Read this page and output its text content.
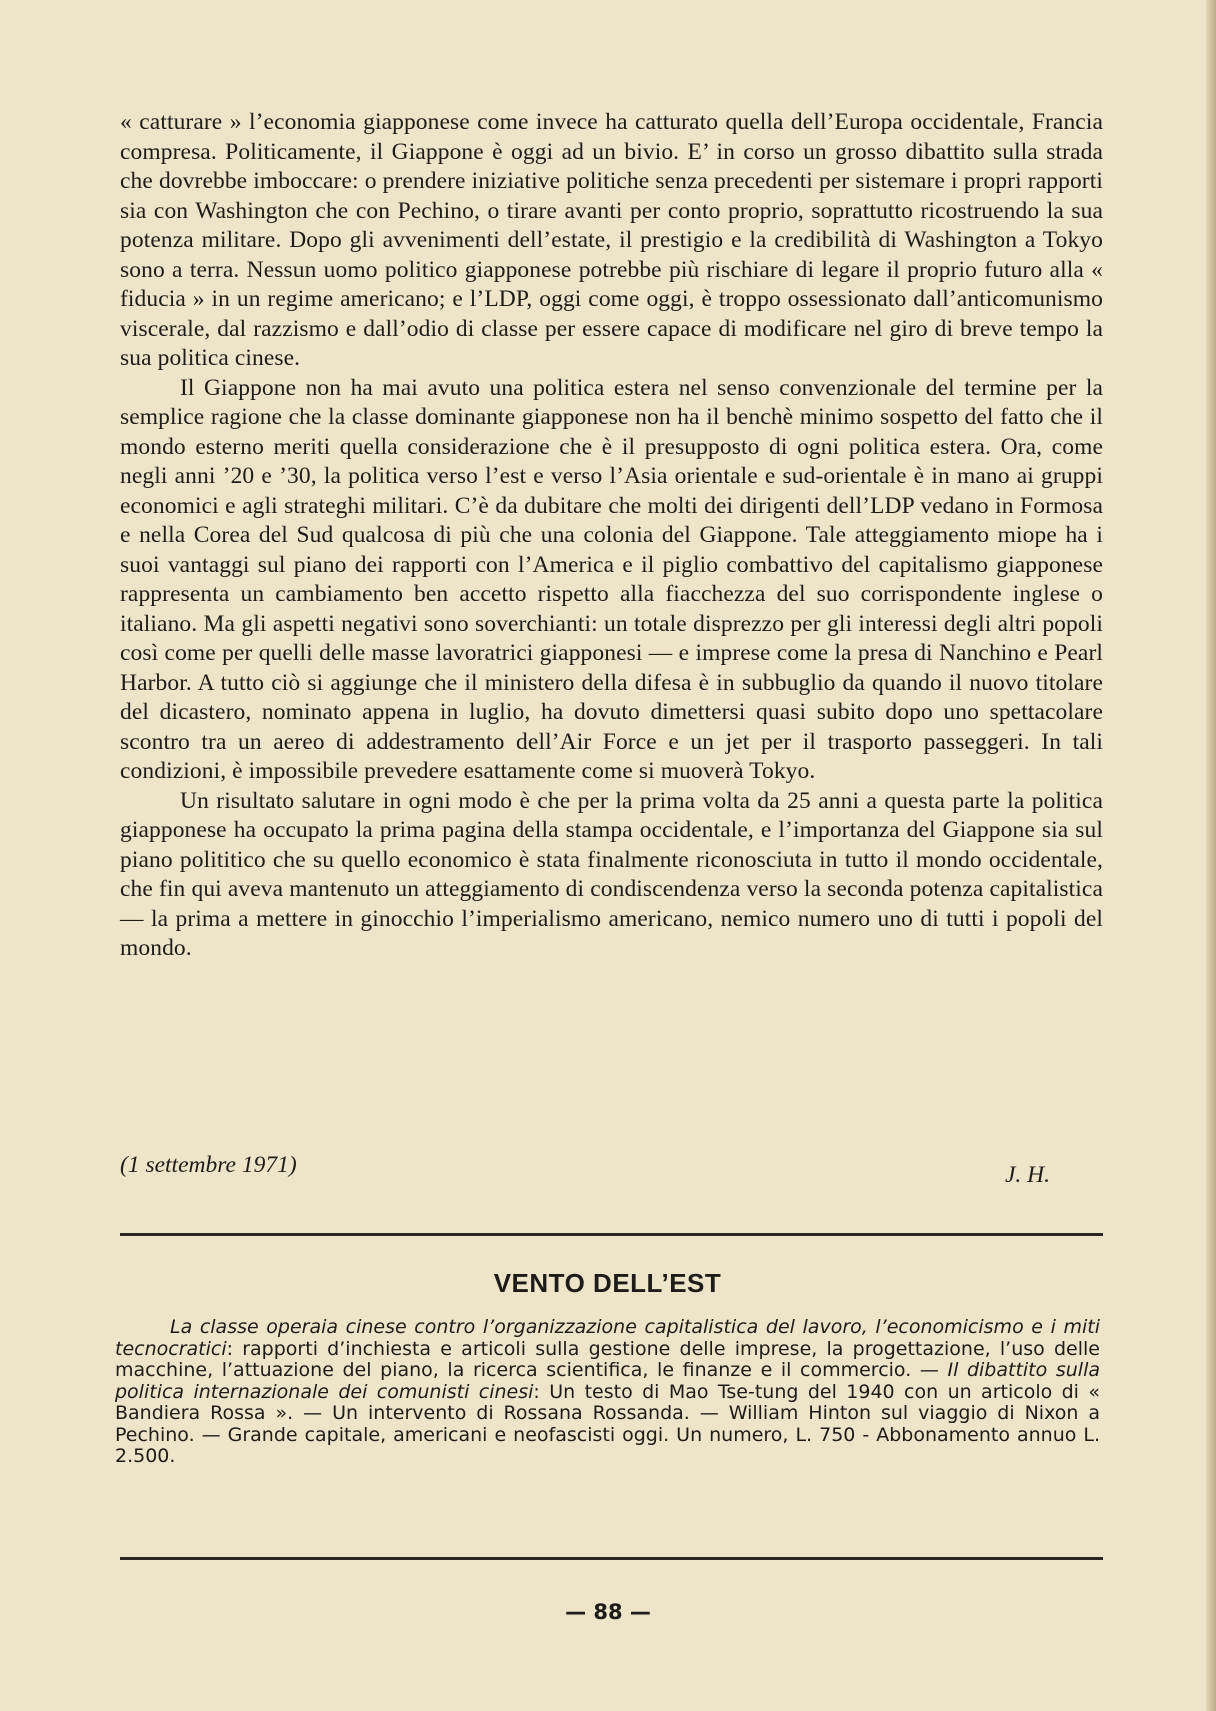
« catturare » l’economia giapponese come invece ha catturato quella dell’Europa occidentale, Francia compresa. Politicamente, il Giappone è oggi ad un bivio. E’ in corso un grosso dibattito sulla strada che dovrebbe imboccare: o prendere iniziative politiche senza precedenti per sistemare i propri rapporti sia con Washington che con Pechino, o tirare avanti per conto proprio, soprattutto ricostruendo la sua potenza militare. Dopo gli avvenimenti dell’estate, il prestigio e la credibilità di Washington a Tokyo sono a terra. Nessun uomo politico giapponese potrebbe più rischiare di legare il proprio futuro alla « fiducia » in un regime americano; e l’LDP, oggi come oggi, è troppo ossessionato dall’anticomunismo viscerale, dal razzismo e dall’odio di classe per essere capace di modificare nel giro di breve tempo la sua politica cinese.

Il Giappone non ha mai avuto una politica estera nel senso convenzionale del termine per la semplice ragione che la classe dominante giapponese non ha il benchè minimo sospetto del fatto che il mondo esterno meriti quella considerazione che è il presupposto di ogni politica estera. Ora, come negli anni ’20 e ’30, la politica verso l’est e verso l’Asia orientale e sud-orientale è in mano ai gruppi economici e agli strateghi militari. C’è da dubitare che molti dei dirigenti dell’LDP vedano in Formosa e nella Corea del Sud qualcosa di più che una colonia del Giappone. Tale atteggiamento miope ha i suoi vantaggi sul piano dei rapporti con l’America e il piglio combattivo del capitalismo giapponese rappresenta un cambiamento ben accetto rispetto alla fiacchezza del suo corrispondente inglese o italiano. Ma gli aspetti negativi sono soverchianti: un totale disprezzo per gli interessi degli altri popoli così come per quelli delle masse lavoratrici giapponesi — e imprese come la presa di Nanchino e Pearl Harbor. A tutto ciò si aggiunge che il ministero della difesa è in subbuglio da quando il nuovo titolare del dicastero, nominato appena in luglio, ha dovuto dimettersi quasi subito dopo uno spettacolare scontro tra un aereo di addestramento dell’Air Force e un jet per il trasporto passeggeri. In tali condizioni, è impossibile prevedere esattamente come si muoverà Tokyo.

Un risultato salutare in ogni modo è che per la prima volta da 25 anni a questa parte la politica giapponese ha occupato la prima pagina della stampa occidentale, e l’importanza del Giappone sia sul piano polititico che su quello economico è stata finalmente riconosciuta in tutto il mondo occidentale, che fin qui aveva mantenuto un atteggiamento di condiscendenza verso la seconda potenza capitalistica — la prima a mettere in ginocchio l’imperialismo americano, nemico numero uno di tutti i popoli del mondo.

(1 settembre 1971)	J. H.
VENTO DELL’EST

La classe operaia cinese contro l’organizzazione capitalistica del lavoro, l’economicismo e i miti tecnocratici: rapporti d’inchiesta e articoli sulla gestione delle imprese, la progettazione, l’uso delle macchine, l’attuazione del piano, la ricerca scientifica, le finanze e il commercio. — Il dibattito sulla politica internazionale dei comunisti cinesi: Un testo di Mao Tse-tung del 1940 con un articolo di « Bandiera Rossa ». — Un intervento di Rossana Rossanda. — William Hinton sul viaggio di Nixon a Pechino. — Grande capitale, americani e neofascisti oggi. Un numero, L. 750 - Abbonamento annuo L. 2.500.

— 88 —
